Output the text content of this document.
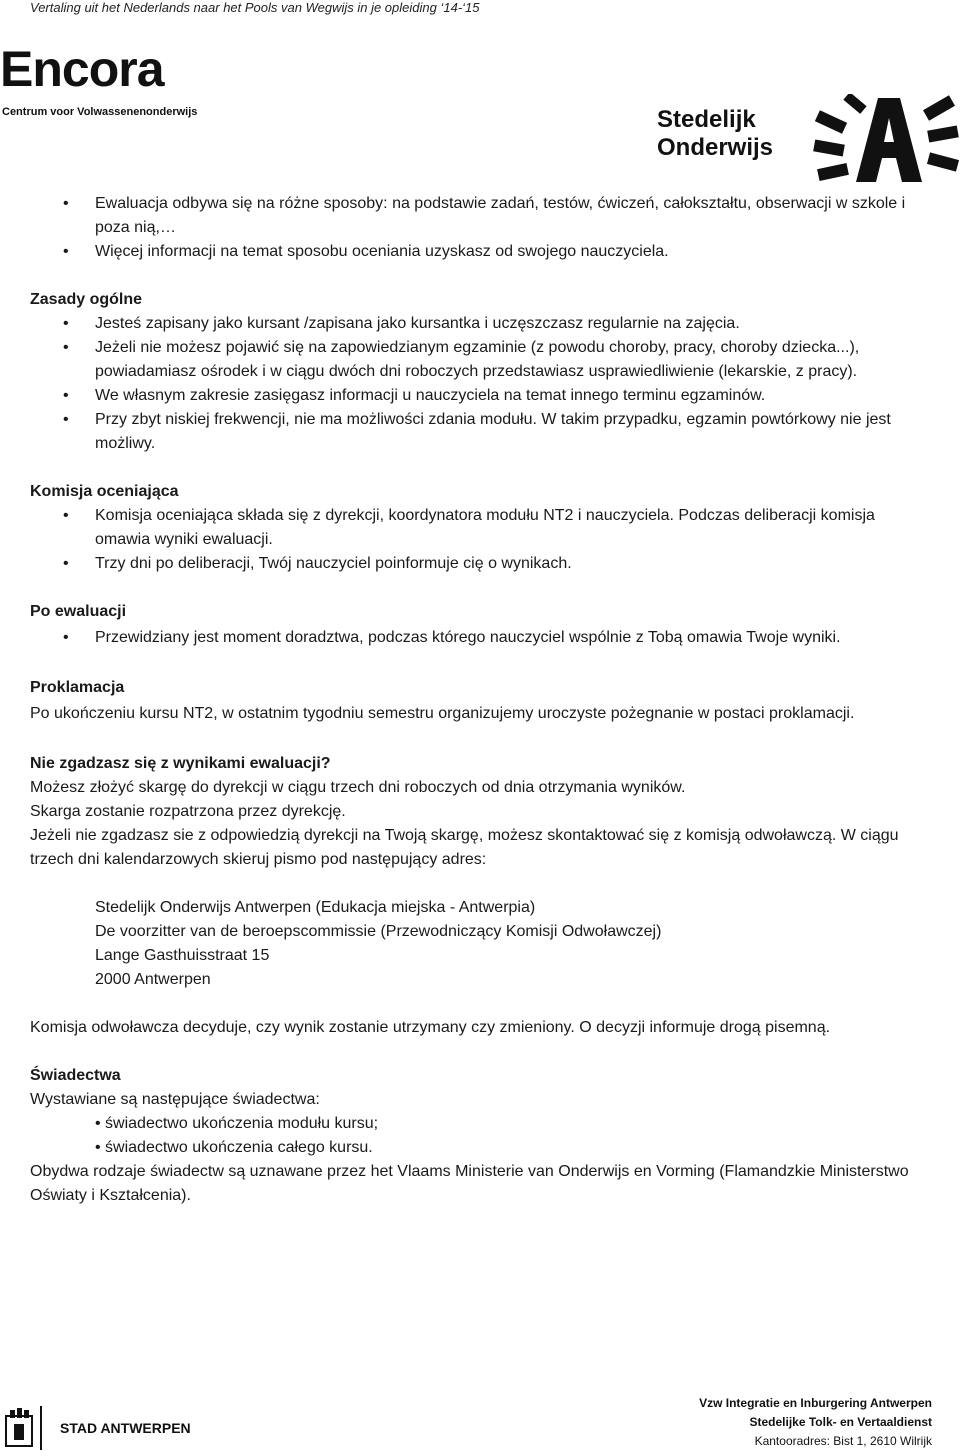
Vertaling uit het Nederlands naar het Pools van Wegwijs in je opleiding ‘14-‘15
Encora
Centrum voor Volwassenenonderwijs	Stedelijk
Onderwijs

• Ewaluacja odbywa się na różne sposoby: na podstawie zadań, testów, ćwiczeń, całokształtu, obserwacji w szkole i poza nią,…

• Więcej informacji na temat sposobu oceniania uzyskasz od swojego nauczyciela.

Zasady ogólne

• Jesteś zapisany jako kursant /zapisana jako kursantka i uczęszczasz regularnie na zajęcia.

• Jeżeli nie możesz pojawić się na zapowiedzianym egzaminie (z powodu choroby, pracy, choroby dziecka...), powiadamiasz ośrodek i w ciągu dwóch dni roboczych przedstawiasz usprawiedliwienie (lekarskie, z pracy).

• We własnym zakresie zasięgasz informacji u nauczyciela na temat innego terminu egzaminów.

• Przy zbyt niskiej frekwencji, nie ma możliwości zdania modułu. W takim przypadku, egzamin powtórkowy nie jest możliwy.

Komisja oceniająca

• Komisja oceniająca składa się z dyrekcji, koordynatora modułu NT2 i nauczyciela. Podczas deliberacji komisja omawia wyniki ewaluacji.

• Trzy dni po deliberacji, Twój nauczyciel poinformuje cię o wynikach.

Po ewaluacji

• Przewidziany jest moment doradztwa, podczas którego nauczyciel wspólnie z Tobą omawia Twoje wyniki.

Proklamacja

Po ukończeniu kursu NT2, w ostatnim tygodniu semestru organizujemy uroczyste pożegnanie w postaci proklamacji.

Nie zgadzasz się z wynikami ewaluacji?

Możesz złożyć skargę do dyrekcji w ciągu trzech dni roboczych od dnia otrzymania wyników.

Skarga zostanie rozpatrzona przez dyrekcję.

Jeżeli nie zgadzasz sie z odpowiedzią dyrekcji na Twoją skargę, możesz skontaktować się z komisją odwoławczą. W ciągu trzech dni kalendarzowych skieruj pismo pod następujący adres:

Stedelijk Onderwijs Antwerpen (Edukacja miejska - Antwerpia)

De voorzitter van de beroepscommissie (Przewodniczący Komisji Odwoławczej)

Lange Gasthuisstraat 15

2000 Antwerpen

Komisja odwoławcza decyduje, czy wynik zostanie utrzymany czy zmieniony. O decyzji informuje drogą pisemną.

Świadectwa

Wystawiane są następujące świadectwa:

• świadectwo ukończenia modułu kursu;

• świadectwo ukończenia całego kursu.

Obydwa rodzaje świadectw są uznawane przez het Vlaams Ministerie van Onderwijs en Vorming (Flamandzkie Ministerstwo Oświaty i Kształcenia).

STAD ANTWERPEN
Vzw Integratie en Inburgering Antwerpen
Stedelijke Tolk- en Vertaaldienst
Kantooradres: Bist 1, 2610 Wilrijk
